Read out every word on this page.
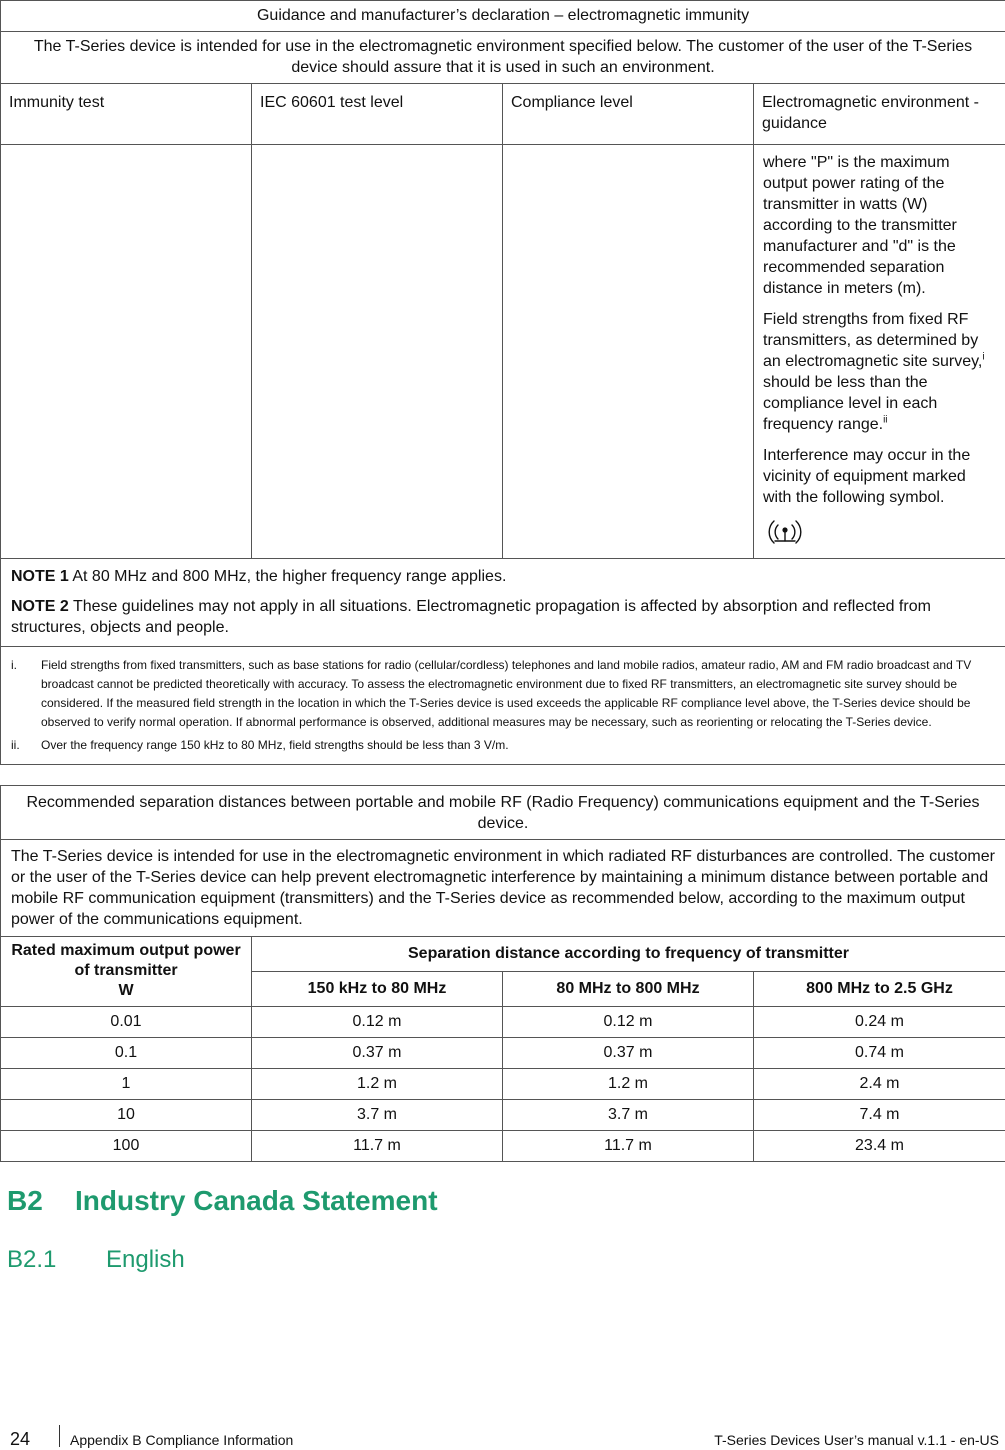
Guidance and manufacturer’s declaration – electromagnetic immunity			
The T-Series device is intended for use in the electromagnetic environment specified below. The customer of the user of the T-Series device should assure that it is used in such an environment.			
Immunity test	IEC 60601 test level	Compliance level	Electromagnetic environment - guidance

			where "P" is the maximum output power rating of the transmitter in watts (W) according to the transmitter manufacturer and "d" is the recommended separation distance in meters (m).

Field strengths from fixed RF transmitters, as determined by an electromagnetic site survey,$^i$ should be less than the compliance level in each frequency range.$^{ii}$

Interference may occur in the vicinity of equipment marked with the following symbol.

NOTE 1 At 80 MHz and 800 MHz, the higher frequency range applies.

NOTE 2 These guidelines may not apply in all situations. Electromagnetic propagation is affected by absorption and reflected from structures, objects and people.			

i. Field strengths from fixed transmitters, such as base stations for radio (cellular/cordless) telephones and land mobile radios, amateur radio, AM and FM radio broadcast and TV broadcast cannot be predicted theoretically with accuracy. To assess the electromagnetic environment due to fixed RF transmitters, an electromagnetic site survey should be considered. If the measured field strength in the location in which the T-Series device is used exceeds the applicable RF compliance level above, the T-Series device should be observed to verify normal operation. If abnormal performance is observed, additional measures may be necessary, such as reorienting or relocating the T-Series device.
ii. Over the frequency range 150 kHz to 80 MHz, field strengths should be less than 3 V/m.			
Recommended separation distances between portable and mobile RF (Radio Frequency) communications equipment and the T-Series device.			
The T-Series device is intended for use in the electromagnetic environment in which radiated RF disturbances are controlled. The customer or the user of the T-Series device can help prevent electromagnetic interference by maintaining a minimum distance between portable and mobile RF communication equipment (transmitters) and the T-Series device as recommended below, according to the maximum output power of the communications equipment.			

Rated maximum output power of transmitter
W	Separation distance according to frequency of transmitter		
	150 kHz to 80 MHz	80 MHz to 800 MHz	800 MHz to 2.5 GHz
0.01	0.12 m	0.12 m	0.24 m
0.1	0.37 m	0.37 m	0.74 m
1	1.2 m	1.2 m	2.4 m
10	3.7 m	3.7 m	7.4 m
100	11.7 m	11.7 m	23.4 m
B2 Industry Canada Statement
B2.1 English
24	Appendix B Compliance Information	T-Series Devices User’s manual v.1.1 - en-US
